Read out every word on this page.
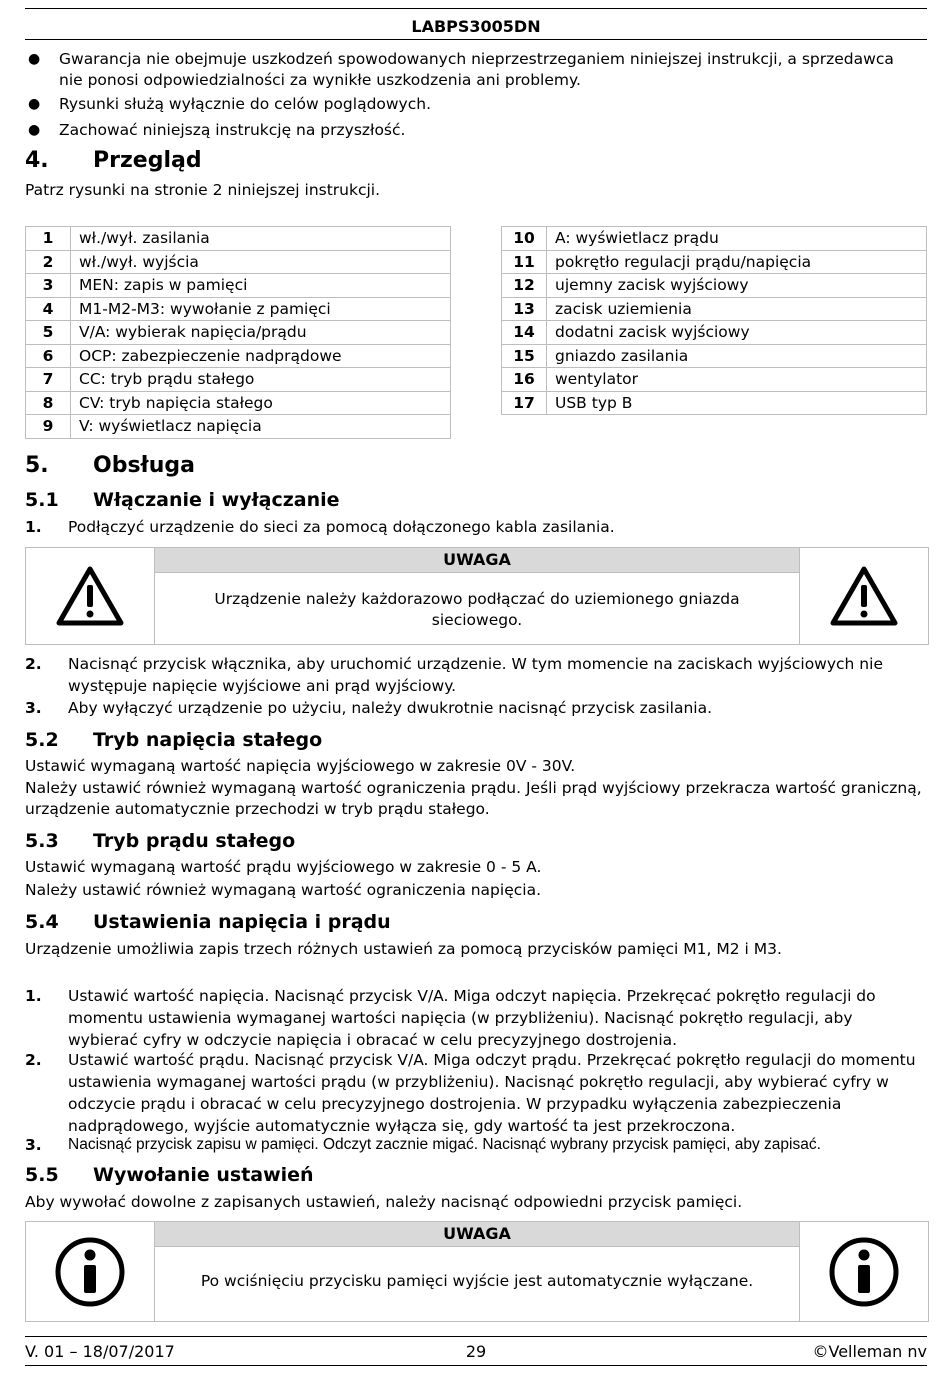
LABPS3005DN
● Gwarancja nie obejmuje uszkodzeń spowodowanych nieprzestrzeganiem niniejszej instrukcji, a sprzedawca nie ponosi odpowiedzialności za wynikłe uszkodzenia ani problemy.
● Rysunki służą wyłącznie do celów poglądowych.
● Zachować niniejszą instrukcję na przyszłość.
4. Przegląd
Patrz rysunki na stronie 2 niniejszej instrukcji.
1	wł./wył. zasilania
2	wł./wył. wyjścia
3	MEN: zapis w pamięci
4	M1-M2-M3: wywołanie z pamięci
5	V/A: wybierak napięcia/prądu
6	OCP: zabezpieczenie nadprądowe
7	CC: tryb prądu stałego
8	CV: tryb napięcia stałego
9	V: wyświetlacz napięcia
10	A: wyświetlacz prądu
11	pokrętło regulacji prądu/napięcia
12	ujemny zacisk wyjściowy
13	zacisk uziemienia
14	dodatni zacisk wyjściowy
15	gniazdo zasilania
16	wentylator
17	USB typ B
5. Obsługa
5.1 Włączanie i wyłączanie
1. Podłączyć urządzenie do sieci za pomocą dołączonego kabla zasilania.
UWAGA
Urządzenie należy każdorazowo podłączać do uziemionego gniazda sieciowego.
2. Nacisnąć przycisk włącznika, aby uruchomić urządzenie. W tym momencie na zaciskach wyjściowych nie występuje napięcie wyjściowe ani prąd wyjściowy.
3. Aby wyłączyć urządzenie po użyciu, należy dwukrotnie nacisnąć przycisk zasilania.
5.2 Tryb napięcia stałego
Ustawić wymaganą wartość napięcia wyjściowego w zakresie 0V - 30V.
Należy ustawić również wymaganą wartość ograniczenia prądu. Jeśli prąd wyjściowy przekracza wartość graniczną, urządzenie automatycznie przechodzi w tryb prądu stałego.
5.3 Tryb prądu stałego
Ustawić wymaganą wartość prądu wyjściowego w zakresie 0 - 5 A.
Należy ustawić również wymaganą wartość ograniczenia napięcia.
5.4 Ustawienia napięcia i prądu
Urządzenie umożliwia zapis trzech różnych ustawień za pomocą przycisków pamięci M1, M2 i M3.
1. Ustawić wartość napięcia. Nacisnąć przycisk V/A. Miga odczyt napięcia. Przekręcać pokrętło regulacji do momentu ustawienia wymaganej wartości napięcia (w przybliżeniu). Nacisnąć pokrętło regulacji, aby wybierać cyfry w odczycie napięcia i obracać w celu precyzyjnego dostrojenia.
2. Ustawić wartość prądu. Nacisnąć przycisk V/A. Miga odczyt prądu. Przekręcać pokrętło regulacji do momentu ustawienia wymaganej wartości prądu (w przybliżeniu). Nacisnąć pokrętło regulacji, aby wybierać cyfry w odczycie prądu i obracać w celu precyzyjnego dostrojenia. W przypadku wyłączenia zabezpieczenia nadprądowego, wyjście automatycznie wyłącza się, gdy wartość ta jest przekroczona.
3. Nacisnąć przycisk zapisu w pamięci. Odczyt zacznie migać. Nacisnąć wybrany przycisk pamięci, aby zapisać.
5.5 Wywołanie ustawień
Aby wywołać dowolne z zapisanych ustawień, należy nacisnąć odpowiedni przycisk pamięci.
UWAGA
Po wciśnięciu przycisku pamięci wyjście jest automatycznie wyłączane.
V. 01 – 18/07/2017	29	©Velleman nv
